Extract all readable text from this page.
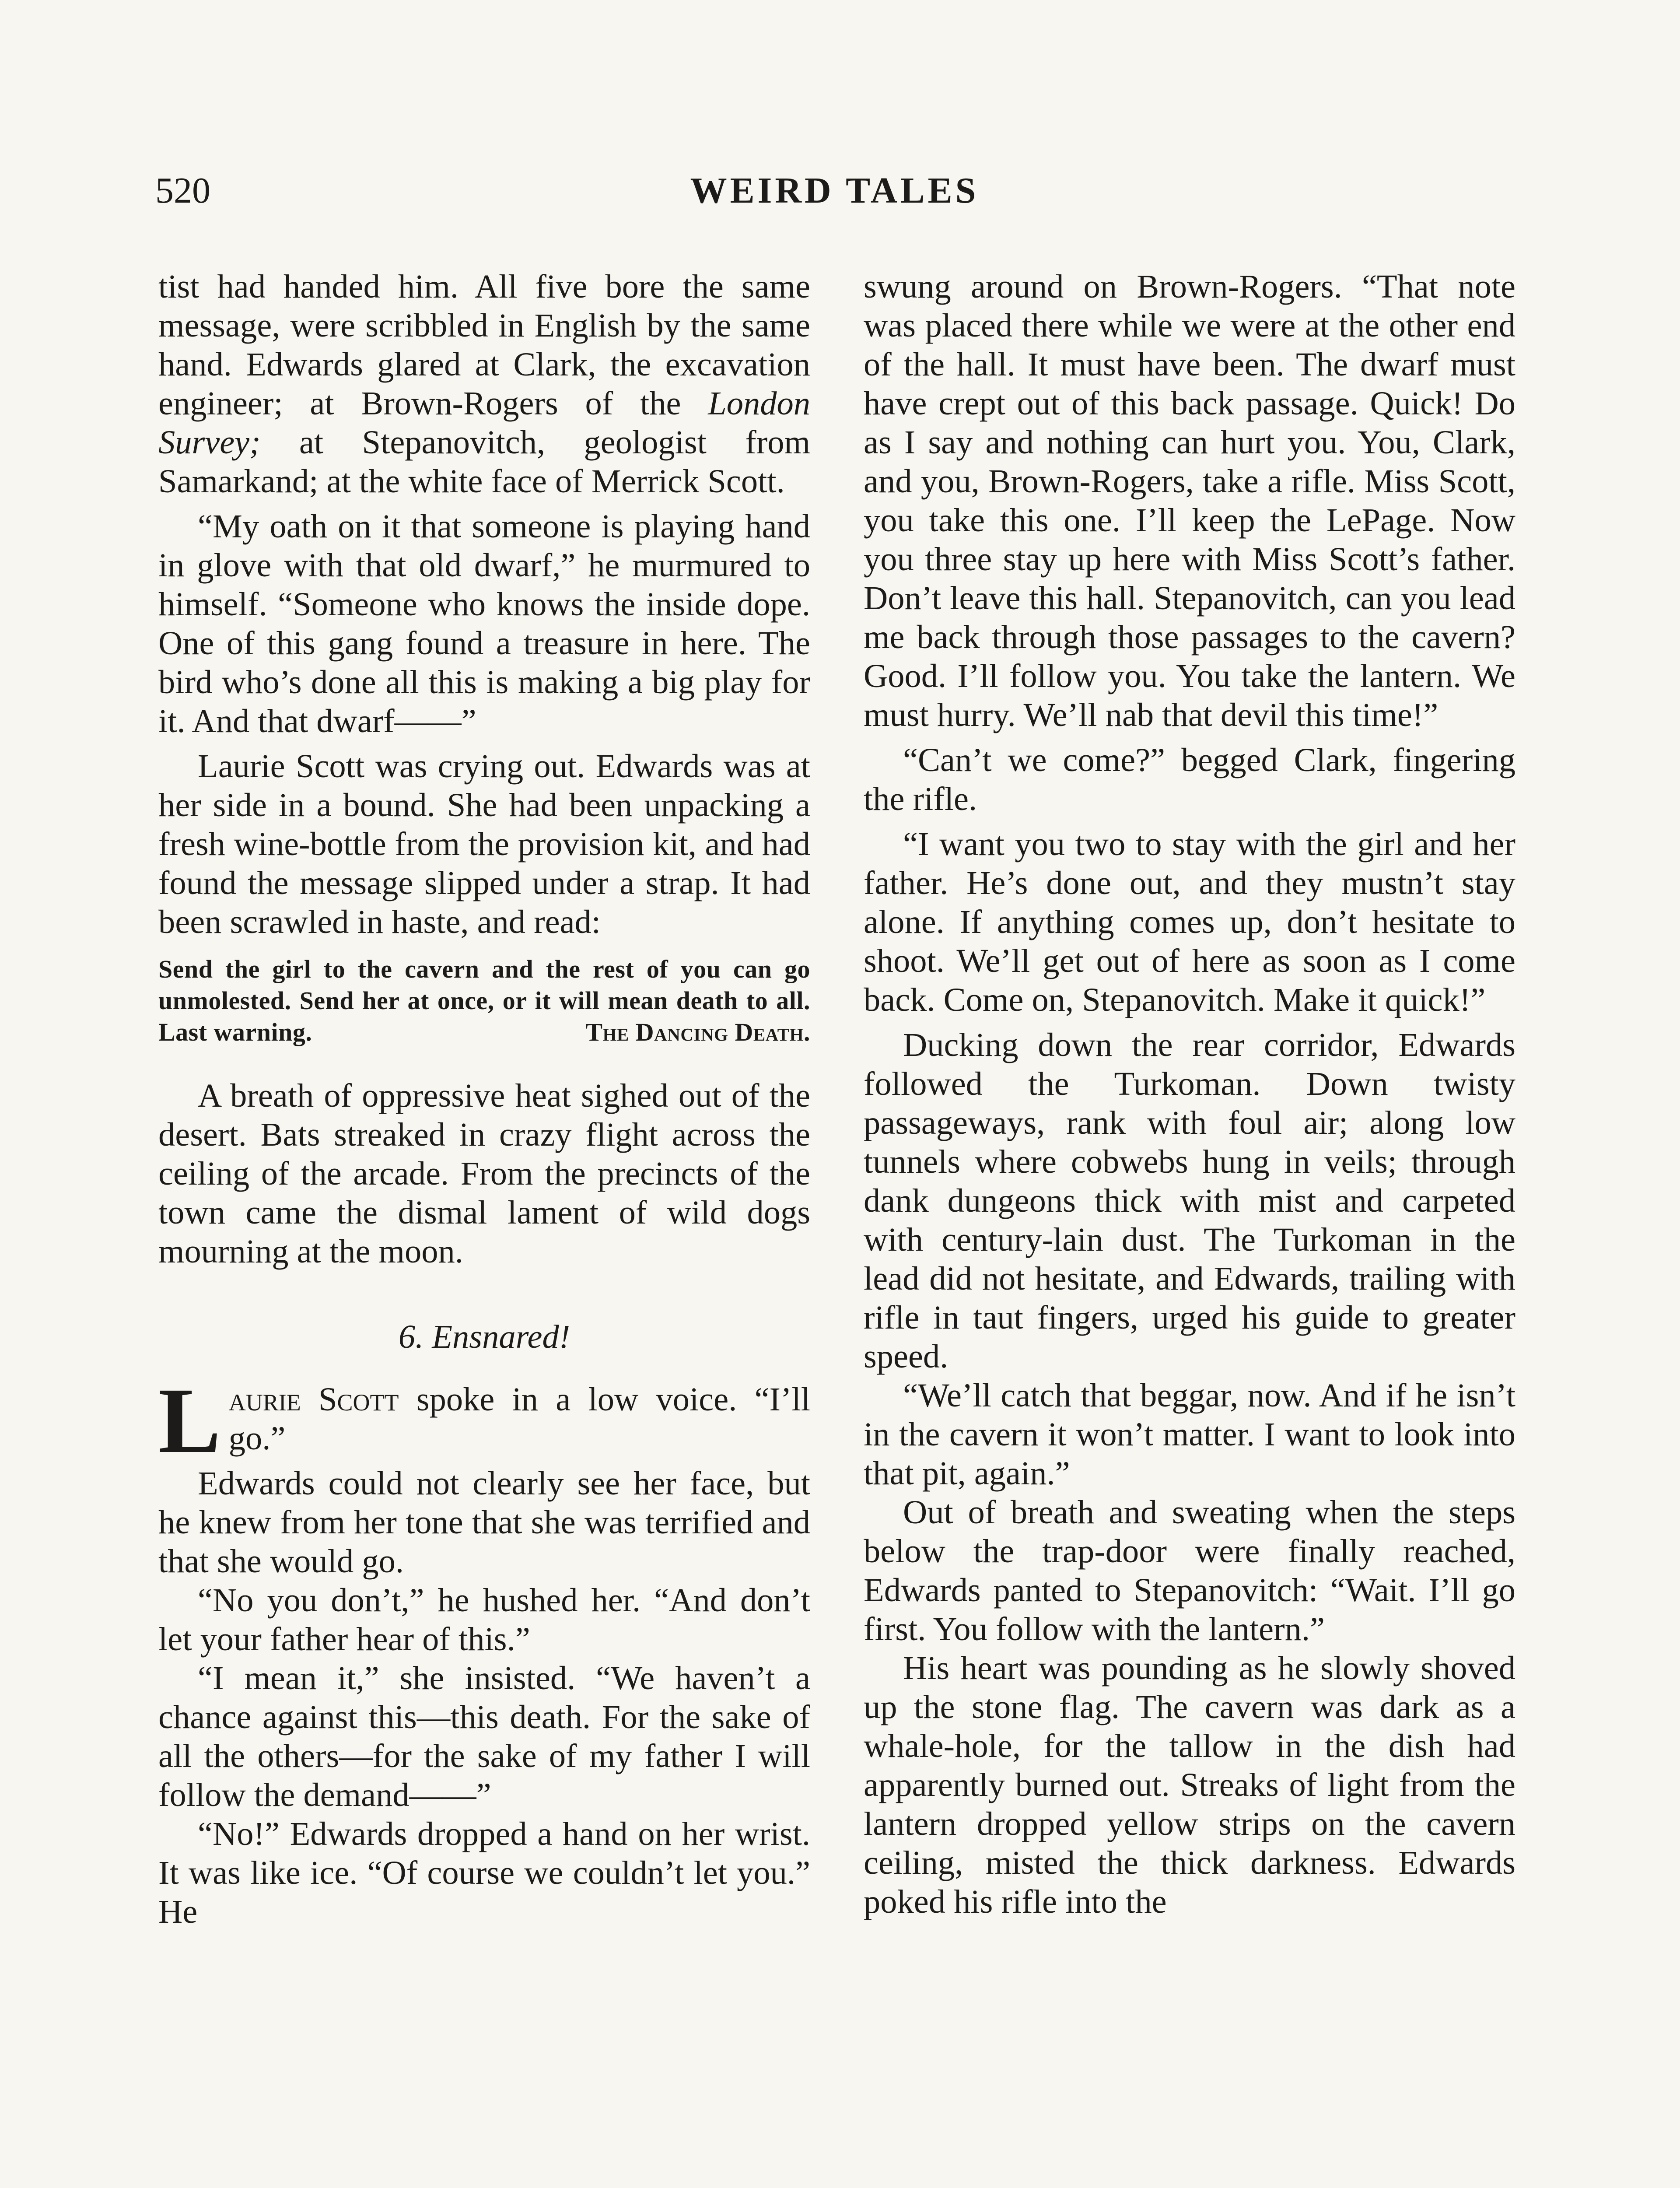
520	WEIRD TALES

tist had handed him. All five bore the same message, were scribbled in English by the same hand. Edwards glared at Clark, the excavation engineer; at Brown-Rogers of the London Survey; at Stepanovitch, geologist from Samarkand; at the white face of Merrick Scott.

“My oath on it that someone is playing hand in glove with that old dwarf,” he murmured to himself. “Someone who knows the inside dope. One of this gang found a treasure in here. The bird who’s done all this is making a big play for it. And that dwarf——”

Laurie Scott was crying out. Edwards was at her side in a bound. She had been unpacking a fresh wine-bottle from the provision kit, and had found the message slipped under a strap. It had been scrawled in haste, and read:

Send the girl to the cavern and the rest of you can go unmolested. Send her at once, or it will mean death to all. Last warning.	The Dancing Death.

A breath of oppressive heat sighed out of the desert. Bats streaked in crazy flight across the ceiling of the arcade. From the precincts of the town came the dismal lament of wild dogs mourning at the moon.

6. Ensnared!

Laurie Scott spoke in a low voice. “I’ll go.”

Edwards could not clearly see her face, but he knew from her tone that she was terrified and that she would go.

“No you don’t,” he hushed her. “And don’t let your father hear of this.”

“I mean it,” she insisted. “We haven’t a chance against this—this death. For the sake of all the others—for the sake of my father I will follow the demand——”

“No!” Edwards dropped a hand on her wrist. It was like ice. “Of course we couldn’t let you.” He

swung around on Brown-Rogers. “That note was placed there while we were at the other end of the hall. It must have been. The dwarf must have crept out of this back passage. Quick! Do as I say and nothing can hurt you. You, Clark, and you, Brown-Rogers, take a rifle. Miss Scott, you take this one. I’ll keep the LePage. Now you three stay up here with Miss Scott’s father. Don’t leave this hall. Stepanovitch, can you lead me back through those passages to the cavern? Good. I’ll follow you. You take the lantern. We must hurry. We’ll nab that devil this time!”

“Can’t we come?” begged Clark, fingering the rifle.

“I want you two to stay with the girl and her father. He’s done out, and they mustn’t stay alone. If anything comes up, don’t hesitate to shoot. We’ll get out of here as soon as I come back. Come on, Stepanovitch. Make it quick!”

Ducking down the rear corridor, Edwards followed the Turkoman. Down twisty passageways, rank with foul air; along low tunnels where cobwebs hung in veils; through dank dungeons thick with mist and carpeted with century-lain dust. The Turkoman in the lead did not hesitate, and Edwards, trailing with rifle in taut fingers, urged his guide to greater speed.

“We’ll catch that beggar, now. And if he isn’t in the cavern it won’t matter. I want to look into that pit, again.”

Out of breath and sweating when the steps below the trap-door were finally reached, Edwards panted to Stepanovitch: “Wait. I’ll go first. You follow with the lantern.”

His heart was pounding as he slowly shoved up the stone flag. The cavern was dark as a whale-hole, for the tallow in the dish had apparently burned out. Streaks of light from the lantern dropped yellow strips on the cavern ceiling, misted the thick darkness. Edwards poked his rifle into the
